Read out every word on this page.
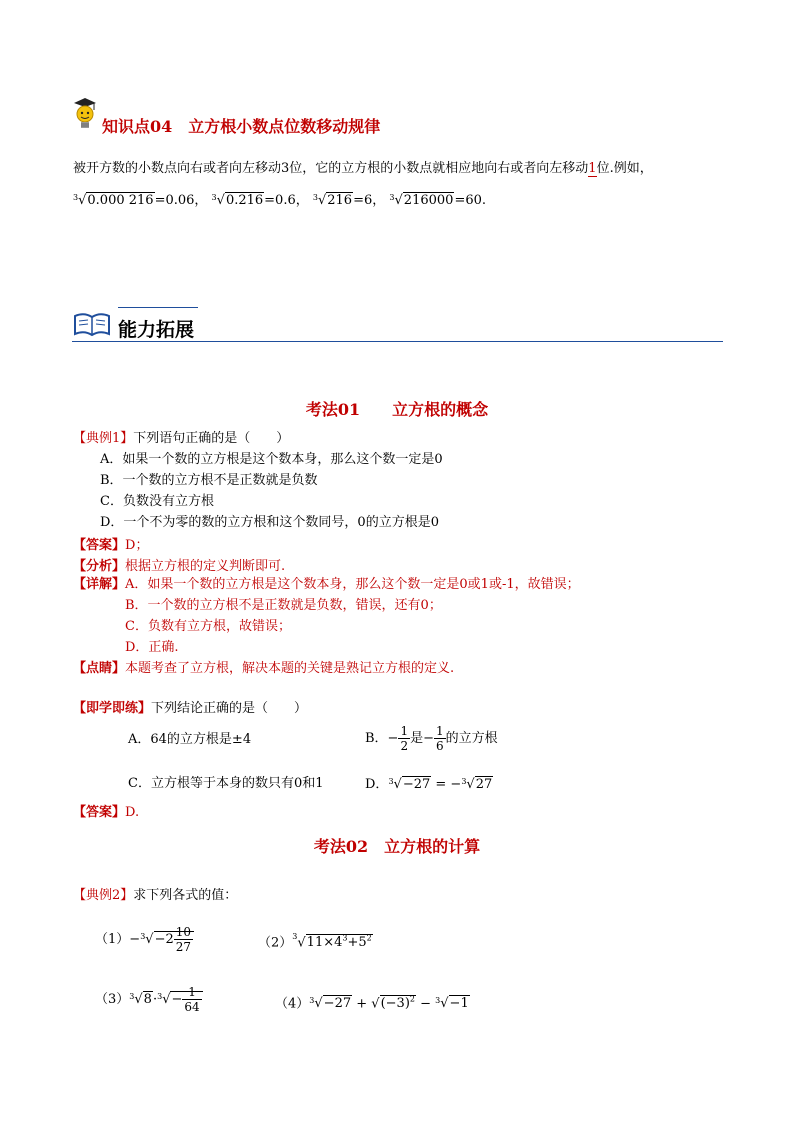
知识点04　立方根小数点位数移动规律
被开方数的小数点向右或者向左移动3位，它的立方根的小数点就相应地向右或者向左移动1位.例如，
$^3$√0.000 216=0.06， $^3$√0.216=0.6， $^3$√216=6， $^3$√216000=60.
能力拓展
考法01　　立方根的概念
【典例1】下列语句正确的是（　　）
A．如果一个数的立方根是这个数本身，那么这个数一定是0
B．一个数的立方根不是正数就是负数
C．负数没有立方根
D．一个不为零的数的立方根和这个数同号，0的立方根是0
【答案】D；
【分析】根据立方根的定义判断即可.
【详解】A．如果一个数的立方根是这个数本身，那么这个数一定是0或1或-1，故错误；
B．一个数的立方根不是正数就是负数，错误，还有0；
C．负数有立方根，故错误；
D．正确.
【点睛】本题考查了立方根，解决本题的关键是熟记立方根的定义.
【即学即练】下列结论正确的是（　　）
A．64的立方根是±4	B．− $\frac{1}{2}$ 是− $\frac{1}{6}$ 的立方根
C．立方根等于本身的数只有0和1	D．$^3$√−27 = −$^3$√27
【答案】D.
考法02　立方根的计算
【典例2】求下列各式的值：
$(1)-^3√-2 \frac{10}{27}$	$(2)^3√11\times 4^3+5^2$
$(3)^3√8\cdot^3√- \frac{1}{64}$	$(4)^3√-27 + √(-3)^2 - ^3√-1$
